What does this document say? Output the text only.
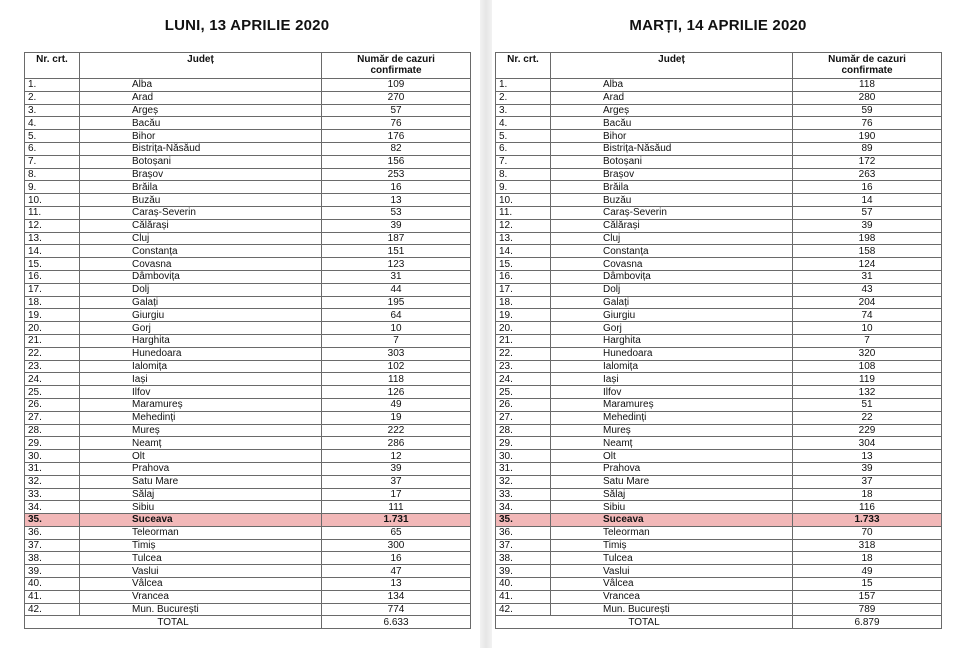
LUNI, 13 APRILIE 2020
Nr. crt.	Județ	Număr de cazuri
confirmate
1.	Alba	109
2.	Arad	270
3.	Argeș	57
4.	Bacău	76
5.	Bihor	176
6.	Bistrița-Năsăud	82
7.	Botoșani	156
8.	Brașov	253
9.	Brăila	16
10.	Buzău	13
11.	Caraș-Severin	53
12.	Călărași	39
13.	Cluj	187
14.	Constanța	151
15.	Covasna	123
16.	Dâmbovița	31
17.	Dolj	44
18.	Galați	195
19.	Giurgiu	64
20.	Gorj	10
21.	Harghita	7
22.	Hunedoara	303
23.	Ialomița	102
24.	Iași	118
25.	Ilfov	126
26.	Maramureș	49
27.	Mehedinți	19
28.	Mureș	222
29.	Neamț	286
30.	Olt	12
31.	Prahova	39
32.	Satu Mare	37
33.	Sălaj	17
34.	Sibiu	111
35.	Suceava	1.731
36.	Teleorman	65
37.	Timiș	300
38.	Tulcea	16
39.	Vaslui	47
40.	Vâlcea	13
41.	Vrancea	134
42.	Mun. București	774
TOTAL		6.633
MARȚI, 14 APRILIE 2020
Nr. crt.	Județ	Număr de cazuri
confirmate
1.	Alba	118
2.	Arad	280
3.	Argeș	59
4.	Bacău	76
5.	Bihor	190
6.	Bistrița-Năsăud	89
7.	Botoșani	172
8.	Brașov	263
9.	Brăila	16
10.	Buzău	14
11.	Caraș-Severin	57
12.	Călărași	39
13.	Cluj	198
14.	Constanța	158
15.	Covasna	124
16.	Dâmbovița	31
17.	Dolj	43
18.	Galați	204
19.	Giurgiu	74
20.	Gorj	10
21.	Harghita	7
22.	Hunedoara	320
23.	Ialomița	108
24.	Iași	119
25.	Ilfov	132
26.	Maramureș	51
27.	Mehedinți	22
28.	Mureș	229
29.	Neamț	304
30.	Olt	13
31.	Prahova	39
32.	Satu Mare	37
33.	Sălaj	18
34.	Sibiu	116
35.	Suceava	1.733
36.	Teleorman	70
37.	Timiș	318
38.	Tulcea	18
39.	Vaslui	49
40.	Vâlcea	15
41.	Vrancea	157
42.	Mun. București	789
TOTAL		6.879
